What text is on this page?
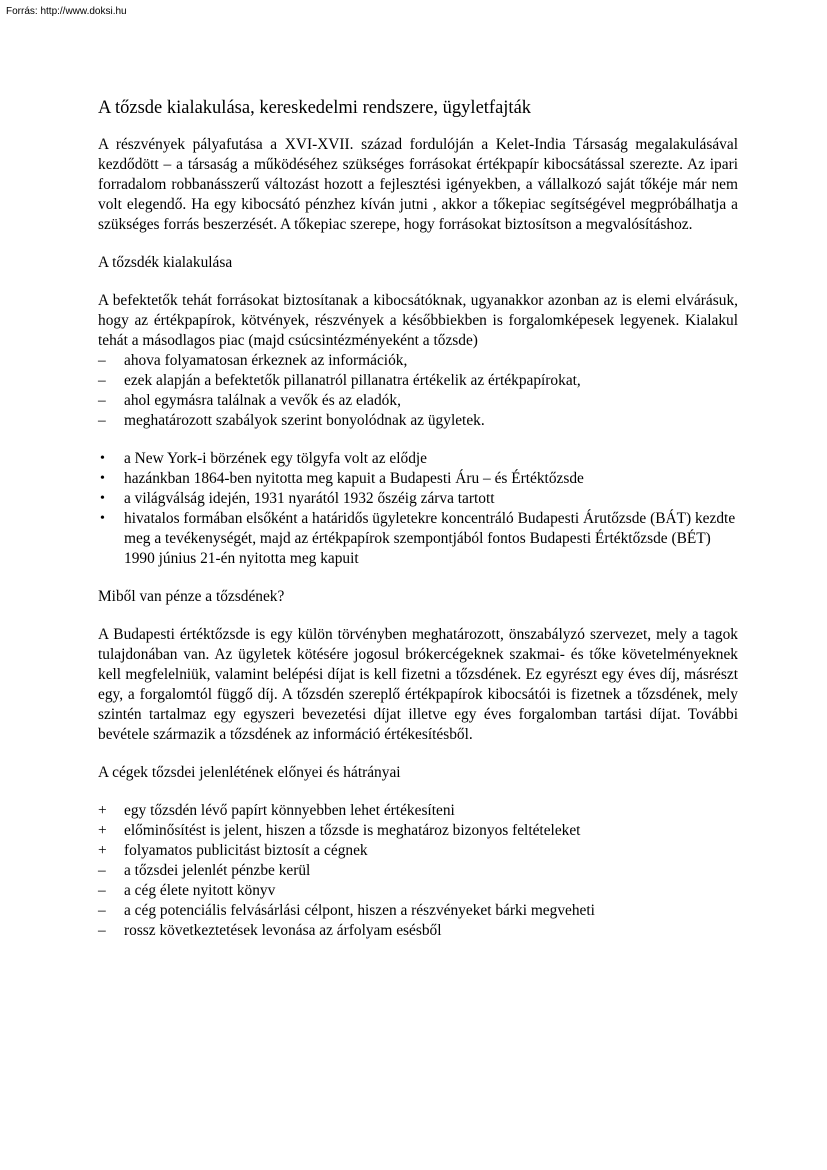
Forrás: http://www.doksi.hu
A tőzsde kialakulása, kereskedelmi rendszere, ügyletfajták

A részvények pályafutása a XVI-XVII. század fordulóján a Kelet-India Társaság megalakulásával kezdődött – a társaság a működéséhez szükséges forrásokat értékpapír kibocsátással szerezte. Az ipari forradalom robbanásszerű változást hozott a fejlesztési igényekben, a vállalkozó saját tőkéje már nem volt elegendő. Ha egy kibocsátó pénzhez kíván jutni , akkor a tőkepiac segítségével megpróbálhatja a szükséges forrás beszerzését. A tőkepiac szerepe, hogy forrásokat biztosítson a megvalósításhoz.

A tőzsdék kialakulása

A befektetők tehát forrásokat biztosítanak a kibocsátóknak, ugyanakkor azonban az is elemi elvárásuk, hogy az értékpapírok, kötvények, részvények a későbbiekben is forgalomképesek legyenek. Kialakul tehát a másodlagos piac (majd csúcsintézményeként a tőzsde)

–	ahova folyamatosan érkeznek az információk,
–	ezek alapján a befektetők pillanatról pillanatra értékelik az értékpapírokat,
–	ahol egymásra találnak a vevők és az eladók,
–	meghatározott szabályok szerint bonyolódnak az ügyletek.
•	a New York-i börzének egy tölgyfa volt az elődje
•	hazánkban 1864-ben nyitotta meg kapuit a Budapesti Áru – és Értéktőzsde
•	a világválság idején, 1931 nyarától 1932 őszéig zárva tartott
•	hivatalos formában elsőként a határidős ügyletekre koncentráló Budapesti Árutőzsde (BÁT) kezdte meg a tevékenységét, majd az értékpapírok szempontjából fontos Budapesti Értéktőzsde (BÉT) 1990 június 21-én nyitotta meg kapuit
Miből van pénze a tőzsdének?

A Budapesti értéktőzsde is egy külön törvényben meghatározott, önszabályzó szervezet, mely a tagok tulajdonában van. Az ügyletek kötésére jogosul brókercégeknek szakmai- és tőke követelményeknek kell megfelelniük, valamint belépési díjat is kell fizetni a tőzsdének. Ez egyrészt egy éves díj, másrészt egy, a forgalomtól függő díj. A tőzsdén szereplő értékpapírok kibocsátói is fizetnek a tőzsdének, mely szintén tartalmaz egy egyszeri bevezetési díjat illetve egy éves forgalomban tartási díjat. További bevétele származik a tőzsdének az információ értékesítésből.

A cégek tőzsdei jelenlétének előnyei és hátrányai
+	egy tőzsdén lévő papírt könnyebben lehet értékesíteni
+	előminősítést is jelent, hiszen a tőzsde is meghatároz bizonyos feltételeket
+	folyamatos publicitást biztosít a cégnek
–	a tőzsdei jelenlét pénzbe kerül
–	a cég élete nyitott könyv
–	a cég potenciális felvásárlási célpont, hiszen a részvényeket bárki megveheti
–	rossz következtetések levonása az árfolyam esésből
